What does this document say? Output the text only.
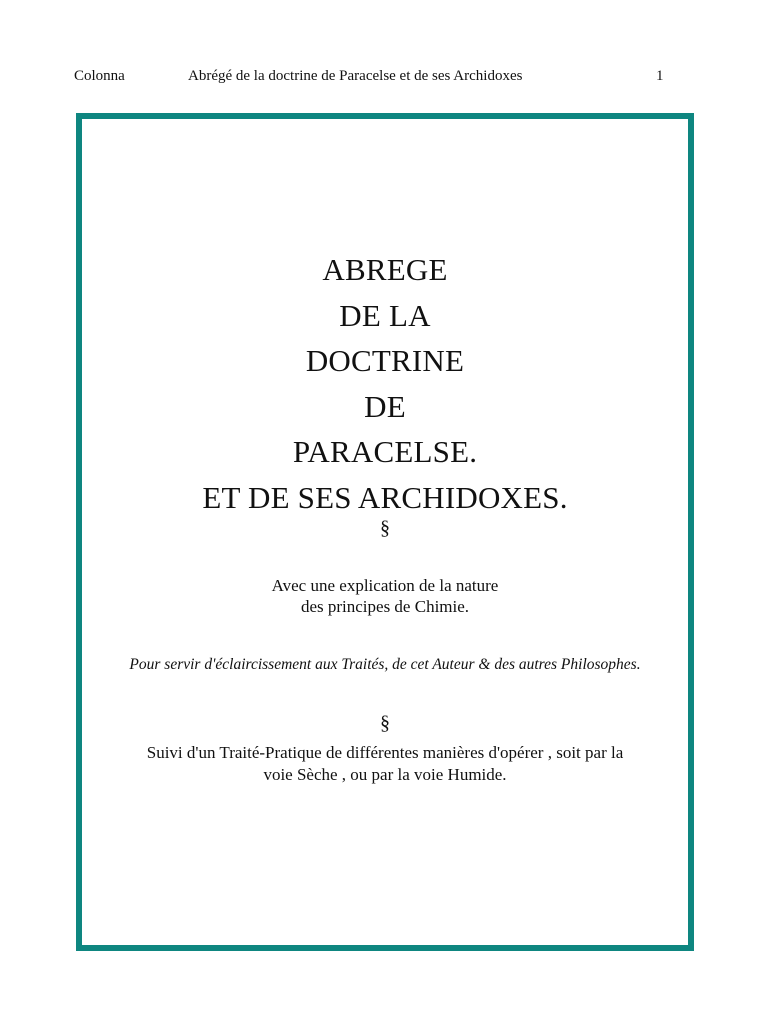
Colonna	Abrégé de la doctrine de Paracelse et de ses Archidoxes	1
ABREGE
DE LA
DOCTRINE
DE
PARACELSE.
ET DE SES ARCHIDOXES.
§
Avec une explication de la nature
des principes de Chimie.
Pour servir d'éclaircissement aux Traités, de cet Auteur & des autres Philosophes.
§
Suivi d'un Traité-Pratique de différentes manières d'opérer , soit par la
voie Sèche , ou par la voie Humide.
